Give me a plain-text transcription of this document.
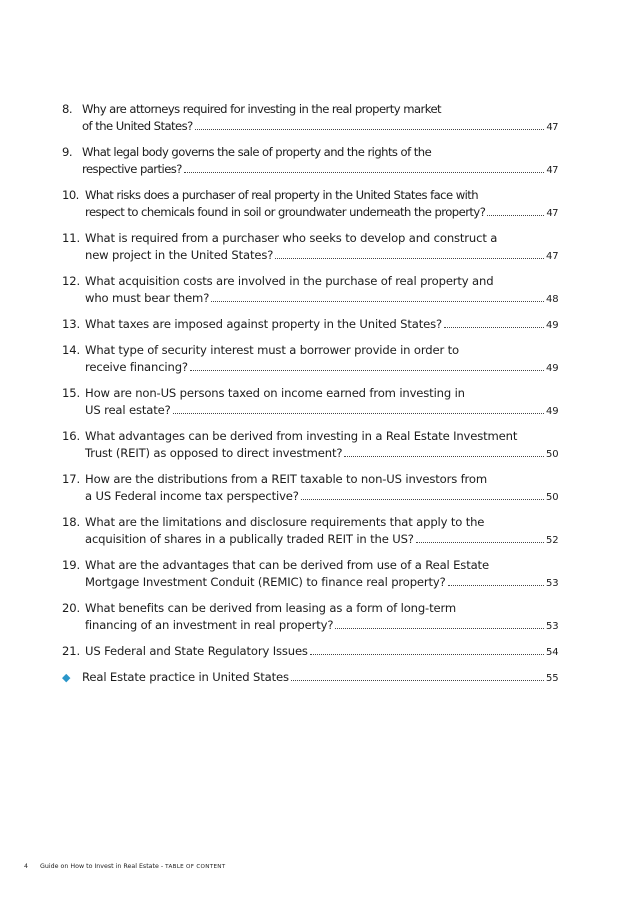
8. Why are attorneys required for investing in the real property market
of the United States?	47
9. What legal body governs the sale of property and the rights of the
respective parties?	47
10. What risks does a purchaser of real property in the United States face with
respect to chemicals found in soil or groundwater underneath the property?	47
11. What is required from a purchaser who seeks to develop and construct a
new project in the United States?	47
12. What acquisition costs are involved in the purchase of real property and
who must bear them?	48
13. What taxes are imposed against property in the United States?	49
14. What type of security interest must a borrower provide in order to
receive financing?	49
15. How are non-US persons taxed on income earned from investing in
US real estate?	49
16. What advantages can be derived from investing in a Real Estate Investment
Trust (REIT) as opposed to direct investment?	50
17. How are the distributions from a REIT taxable to non-US investors from
a US Federal income tax perspective?	50
18. What are the limitations and disclosure requirements that apply to the
acquisition of shares in a publically traded REIT in the US?	52
19. What are the advantages that can be derived from use of a Real Estate
Mortgage Investment Conduit (REMIC) to finance real property?	53
20. What benefits can be derived from leasing as a form of long-term
financing of an investment in real property?	53
21. US Federal and State Regulatory Issues	54
◆	Real Estate practice in United States	55
4 Guide on How to Invest in Real Estate - TABLE OF CONTENT
